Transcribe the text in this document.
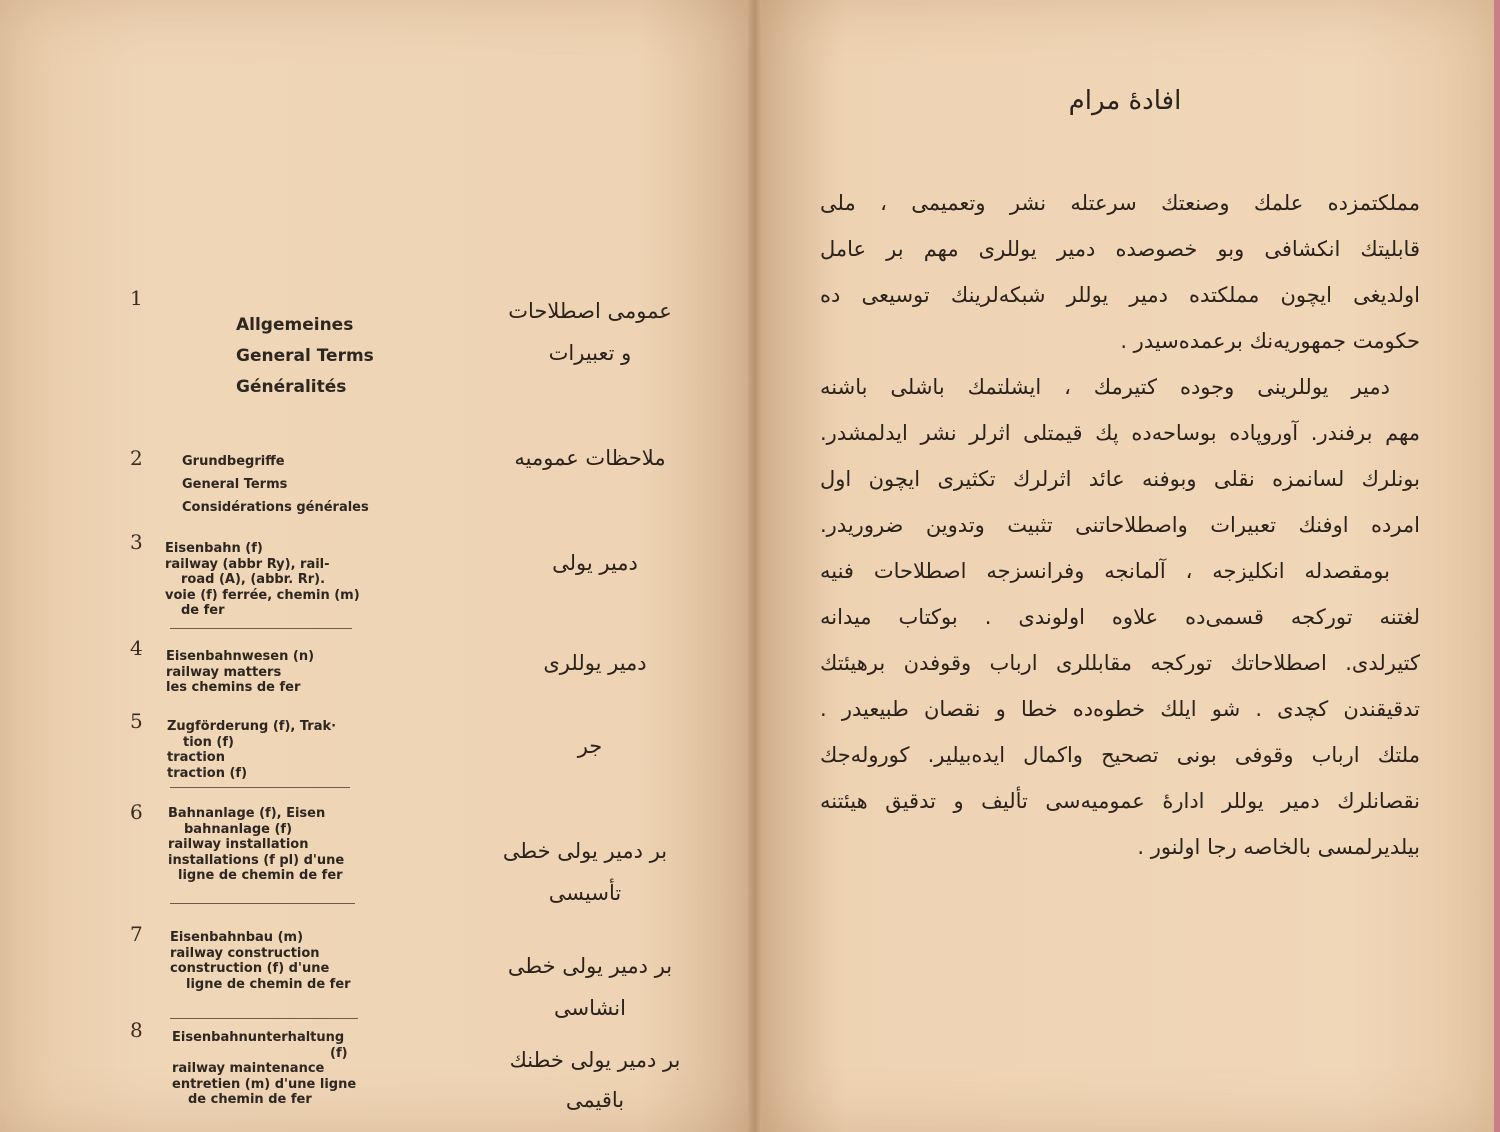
1
Allgemeines
General Terms
Généralités
عمومی اصطلاحات
و تعبیرات
2	Grundbegriffe
General Terms
Considérations générales
ملاحظات عمومیه
3 Eisenbahn (f)
railway (abbr Ry), rail-
road (A), (abbr. Rr).
voie (f) ferrée, chemin (m)
de fer
دمیر یولی
4 Eisenbahnwesen (n)
railway matters
les chemins de fer
دمیر یوللری
5 Zugförderung (f), Trak·
tion (f)
traction
traction (f)
جر
6 Bahnanlage (f), Eisen
bahnanlage (f)
railway installation
installations (f pl) d'une
ligne de chemin de fer
بر دمیر یولی خطی تأسیسی
7 Eisenbahnbau (m)
railway construction
construction (f) d'une
ligne de chemin de fer
بر دمیر یولی خطی انشاسی
8 Eisenbahnunterhaltung
(f)
railway maintenance
entretien (m) d'une ligne
de chemin de fer
بر دمیر یولی خطنك
باقیمی
افادهٔ مرام
مملکتمزده علمك وصنعتك سرعتله نشر وتعمیمی ، ملی
قابلیتك انکشافی وبو خصوصده دمیر یوللری مهم بر عامل
اولدیغی ایچون مملکتده دمیر یوللر شبکه‌لرینك توسیعی ده
حکومت جمهوریه‌نك برعمده‌سیدر .
دمیر یوللرینی وجوده کتیرمك ، ایشلتمك باشلی باشنه
مهم برفندر. آوروپاده بوساحه‌ده پك قیمتلی اثرلر نشر ایدلمشدر.
بونلرك لسانمزه نقلی وبوفنه عائد اثرلرك تکثیری ایچون اول
امرده اوفنك تعبیرات واصطلاحاتنی تثبیت وتدوین ضروریدر.
بومقصدله انکلیزجه ، آلمانجه وفرانسزجه اصطلاحات فنیه
لغتنه تورکجه قسمی‌ده علاوه اولوندی . بوکتاب میدانه
کتیرلدی. اصطلاحاتك تورکجه مقابللری ارباب وقوفدن برهیئتك
تدقیقندن کچدی . شو ایلك خطوه‌ده خطا و نقصان طبیعیدر .
ملتك ارباب وقوفی بونی تصحیح واکمال ایده‌بیلیر. کوروله‌جك
نقصانلرك دمیر یوللر ادارهٔ عمومیه‌سی تألیف و تدقیق هیئتنه
بیلدیرلمسی بالخاصه رجا اولنور .
